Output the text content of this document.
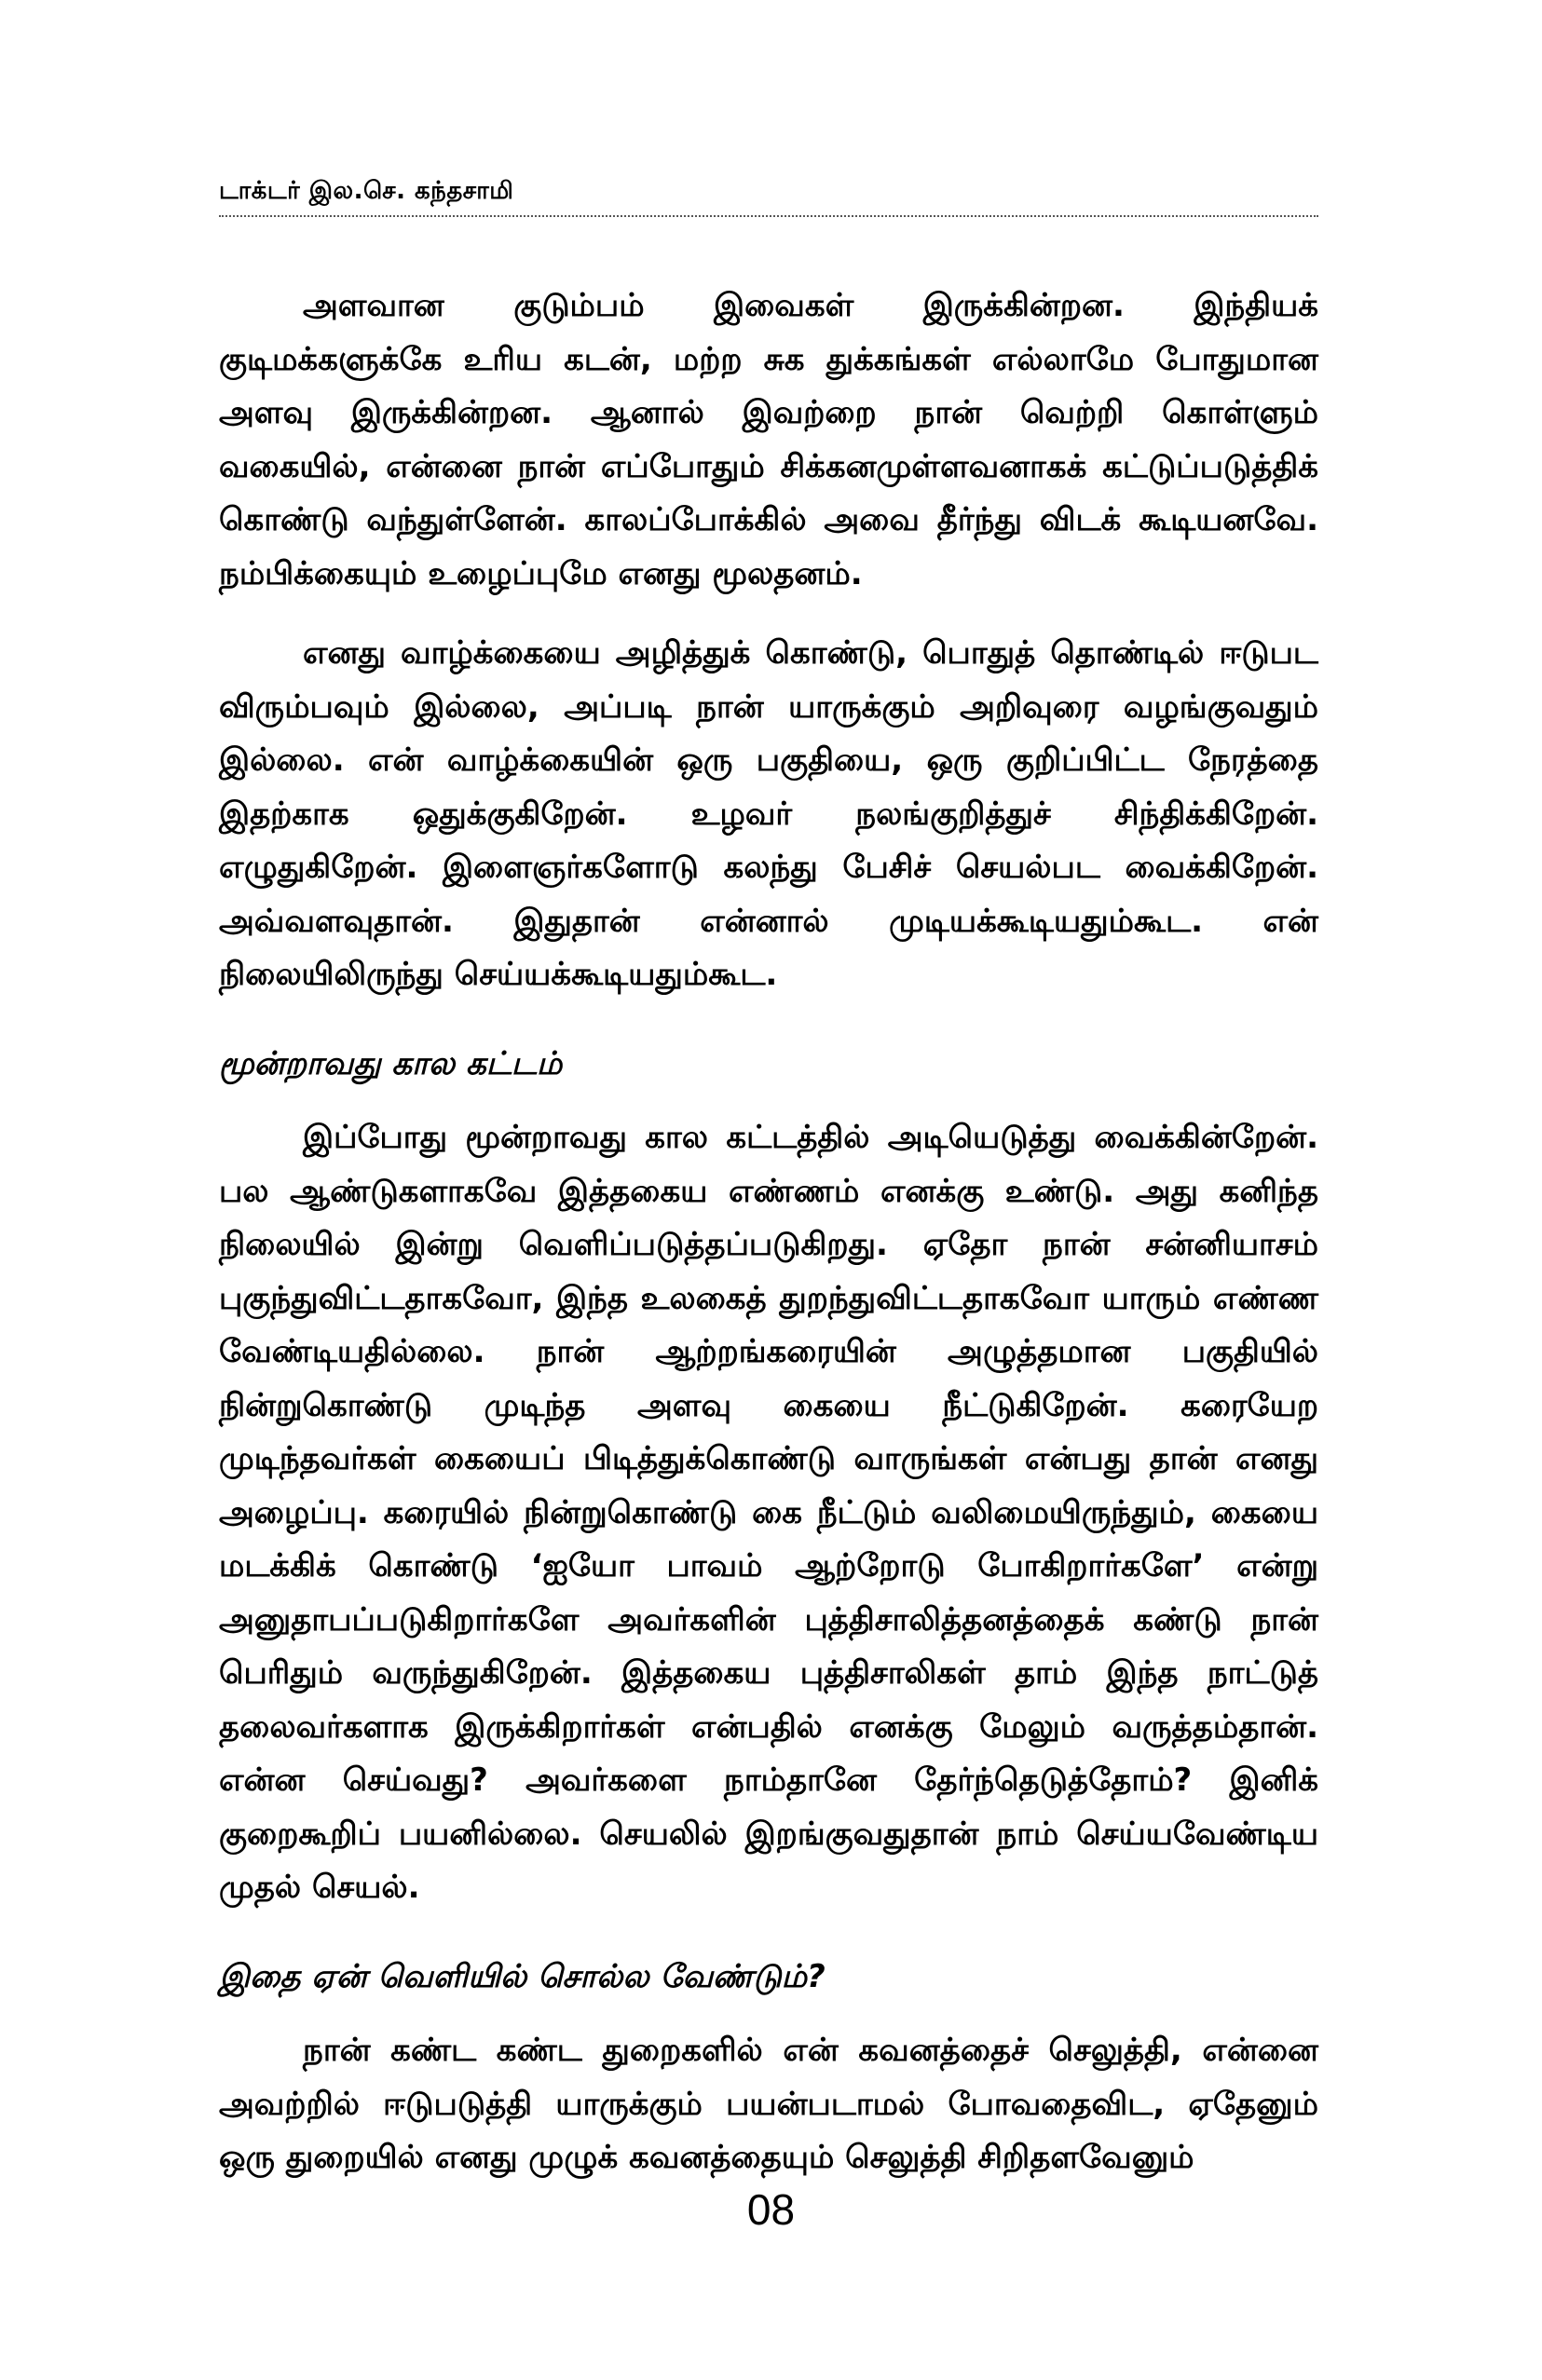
டாக்டர் இல.செ. கந்தசாமி

அளவான குடும்பம் இவைகள் இருக்கின்றன. இந்தியக் குடிமக்களுக்கே உரிய கடன், மற்ற சுக துக்கங்கள் எல்லாமே போதுமான அளவு இருக்கின்றன. ஆனால் இவற்றை நான் வெற்றி கொள்ளும் வகையில், என்னை நான் எப்போதும் சிக்கனமுள்ளவனாகக் கட்டுப்படுத்திக் கொண்டு வந்துள்ளேன். காலப்போக்கில் அவை தீர்ந்து விடக் கூடியனவே. நம்பிக்கையும் உழைப்புமே எனது மூலதனம்.

எனது வாழ்க்கையை அழித்துக் கொண்டு, பொதுத் தொண்டில் ஈடுபட விரும்பவும் இல்லை, அப்படி நான் யாருக்கும் அறிவுரை வழங்குவதும் இல்லை. என் வாழ்க்கையின் ஒரு பகுதியை, ஒரு குறிப்பிட்ட நேரத்தை இதற்காக ஒதுக்குகிறேன். உழவர் நலங்குறித்துச் சிந்திக்கிறேன். எழுதுகிறேன். இளைஞர்களோடு கலந்து பேசிச் செயல்பட வைக்கிறேன். அவ்வளவுதான். இதுதான் என்னால் முடியக்கூடியதும்கூட. என் நிலையிலிருந்து செய்யக்கூடியதும்கூட.

மூன்றாவது கால கட்டம்

இப்போது மூன்றாவது கால கட்டத்தில் அடியெடுத்து வைக்கின்றேன். பல ஆண்டுகளாகவே இத்தகைய எண்ணம் எனக்கு உண்டு. அது கனிந்த நிலையில் இன்று வெளிப்படுத்தப்படுகிறது. ஏதோ நான் சன்னியாசம் புகுந்துவிட்டதாகவோ, இந்த உலகைத் துறந்துவிட்டதாகவோ யாரும் எண்ண வேண்டியதில்லை. நான் ஆற்றங்கரையின் அழுத்தமான பகுதியில் நின்றுகொண்டு முடிந்த அளவு கையை நீட்டுகிறேன். கரையேற முடிந்தவர்கள் கையைப் பிடித்துக்கொண்டு வாருங்கள் என்பது தான் எனது அழைப்பு. கரையில் நின்றுகொண்டு கை நீட்டும் வலிமையிருந்தும், கையை மடக்கிக் கொண்டு ‘ஐயோ பாவம் ஆற்றோடு போகிறார்களே’ என்று அனுதாபப்படுகிறார்களே அவர்களின் புத்திசாலித்தனத்தைக் கண்டு நான் பெரிதும் வருந்துகிறேன். இத்தகைய புத்திசாலிகள் தாம் இந்த நாட்டுத் தலைவர்களாக இருக்கிறார்கள் என்பதில் எனக்கு மேலும் வருத்தம்தான். என்ன செய்வது? அவர்களை நாம்தானே தேர்ந்தெடுத்தோம்? இனிக் குறைகூறிப் பயனில்லை. செயலில் இறங்குவதுதான் நாம் செய்யவேண்டிய முதல் செயல்.

இதை ஏன் வெளியில் சொல்ல வேண்டும்?

நான் கண்ட கண்ட துறைகளில் என் கவனத்தைச் செலுத்தி, என்னை அவற்றில் ஈடுபடுத்தி யாருக்கும் பயன்படாமல் போவதைவிட, ஏதேனும் ஒரு துறையில் எனது முழுக் கவனத்தையும் செலுத்தி சிறிதளவேனும்

08
